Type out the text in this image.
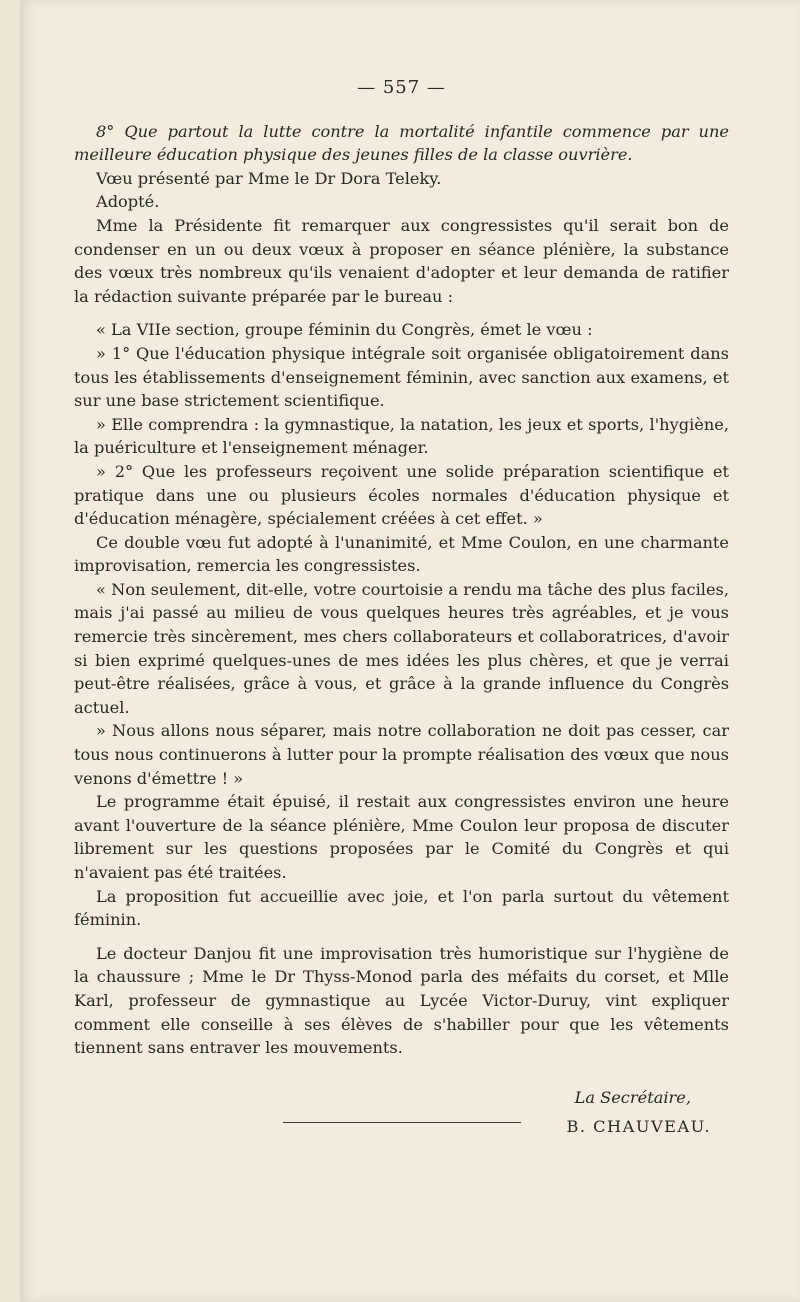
— 557 —

8° Que partout la lutte contre la mortalité infantile commence par une meilleure éducation physique des jeunes filles de la classe ouvrière.

Vœu présenté par Mme le Dr Dora Teleky.

Adopté.

Mme la Présidente fit remarquer aux congressistes qu'il serait bon de condenser en un ou deux vœux à proposer en séance plénière, la substance des vœux très nombreux qu'ils venaient d'adopter et leur demanda de ratifier la rédaction suivante préparée par le bureau :

« La VIIe section, groupe féminin du Congrès, émet le vœu :

» 1° Que l'éducation physique intégrale soit organisée obligatoirement dans tous les établissements d'enseignement féminin, avec sanction aux examens, et sur une base strictement scientifique.

» Elle comprendra : la gymnastique, la natation, les jeux et sports, l'hygiène, la puériculture et l'enseignement ménager.

» 2° Que les professeurs reçoivent une solide préparation scientifique et pratique dans une ou plusieurs écoles normales d'éducation physique et d'éducation ménagère, spécialement créées à cet effet. »

Ce double vœu fut adopté à l'unanimité, et Mme Coulon, en une charmante improvisation, remercia les congressistes.

« Non seulement, dit-elle, votre courtoisie a rendu ma tâche des plus faciles, mais j'ai passé au milieu de vous quelques heures très agréables, et je vous remercie très sincèrement, mes chers collaborateurs et collaboratrices, d'avoir si bien exprimé quelques-unes de mes idées les plus chères, et que je verrai peut-être réalisées, grâce à vous, et grâce à la grande influence du Congrès actuel.

» Nous allons nous séparer, mais notre collaboration ne doit pas cesser, car tous nous continuerons à lutter pour la prompte réalisation des vœux que nous venons d'émettre ! »

Le programme était épuisé, il restait aux congressistes environ une heure avant l'ouverture de la séance plénière, Mme Coulon leur proposa de discuter librement sur les questions proposées par le Comité du Congrès et qui n'avaient pas été traitées.

La proposition fut accueillie avec joie, et l'on parla surtout du vêtement féminin.

Le docteur Danjou fit une improvisation très humoristique sur l'hygiène de la chaussure ; Mme le Dr Thyss-Monod parla des méfaits du corset, et Mlle Karl, professeur de gymnastique au Lycée Victor-Duruy, vint expliquer comment elle conseille à ses élèves de s'habiller pour que les vêtements tiennent sans entraver les mouvements.

La Secrétaire,
B. CHAUVEAU.
